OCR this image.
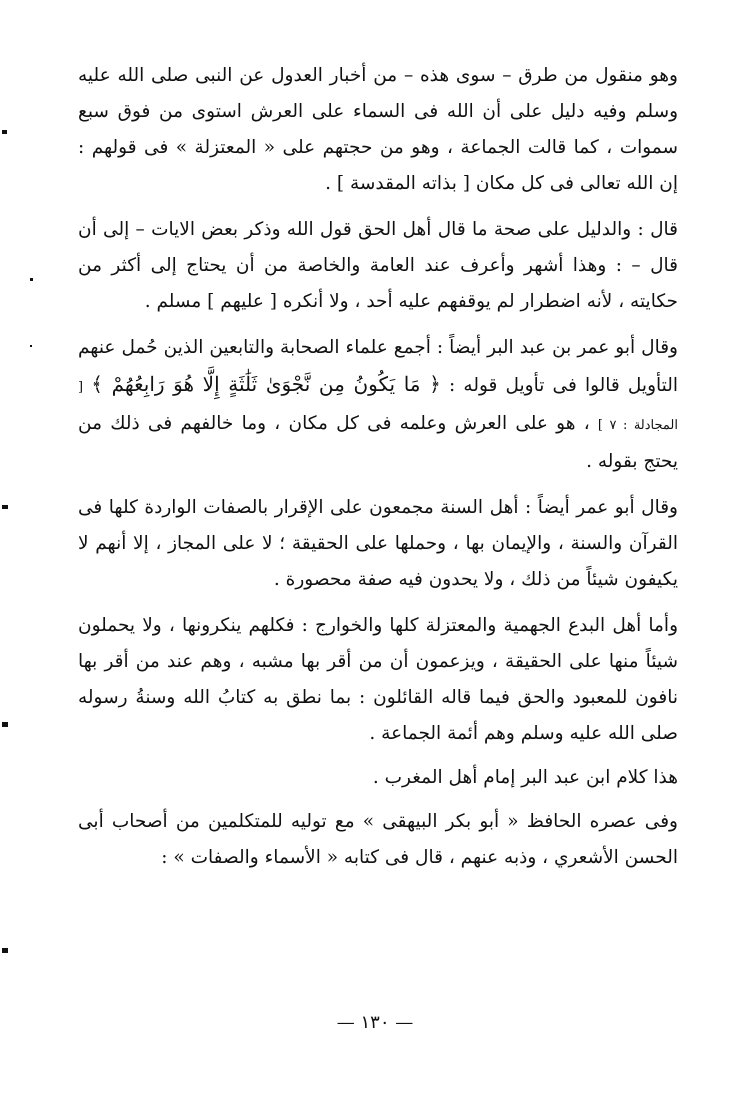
وهو منقول من طرق – سوى هذه – من أخبار العدول عن النبى صلى الله عليه وسلم وفيه دليل على أن الله فى السماء على العرش استوى من فوق سبع سموات ، كما قالت الجماعة ، وهو من حجتهم على « المعتزلة » فى قولهم : إن الله تعالى فى كل مكان [ بذاته المقدسة ] .

قال : والدليل على صحة ما قال أهل الحق قول الله وذكر بعض الايات – إلى أن قال – : وهذا أشهر وأعرف عند العامة والخاصة من أن يحتاج إلى أكثر من حكايته ، لأنه اضطرار لم يوقفهم عليه أحد ، ولا أنكره [ عليهم ] مسلم .

وقال أبو عمر بن عبد البر أيضاً : أجمع علماء الصحابة والتابعين الذين حُمل عنهم التأويل قالوا فى تأويل قوله : ﴿ مَا يَكُونُ مِن نَّجْوَىٰ ثَلَٰثَةٍ إِلَّا هُوَ رَابِعُهُمْ ﴾ [ المجادلة : ٧ ] ، هو على العرش وعلمه فى كل مكان ، وما خالفهم فى ذلك من يحتج بقوله .

وقال أبو عمر أيضاً : أهل السنة مجمعون على الإقرار بالصفات الواردة كلها فى القرآن والسنة ، والإيمان بها ، وحملها على الحقيقة ؛ لا على المجاز ، إلا أنهم لا يكيفون شيئاً من ذلك ، ولا يحدون فيه صفة محصورة .

وأما أهل البدع الجهمية والمعتزلة كلها والخوارج : فكلهم ينكرونها ، ولا يحملون شيئاً منها على الحقيقة ، ويزعمون أن من أقر بها مشبه ، وهم عند من أقر بها نافون للمعبود والحق فيما قاله القائلون : بما نطق به كتابُ الله وسنةُ رسوله صلى الله عليه وسلم وهم أئمة الجماعة .

هذا كلام ابن عبد البر إمام أهل المغرب .

وفى عصره الحافظ « أبو بكر البيهقى » مع توليه للمتكلمين من أصحاب أبى الحسن الأشعري ، وذبه عنهم ، قال فى كتابه « الأسماء والصفات » :

— ١٣٠ —
